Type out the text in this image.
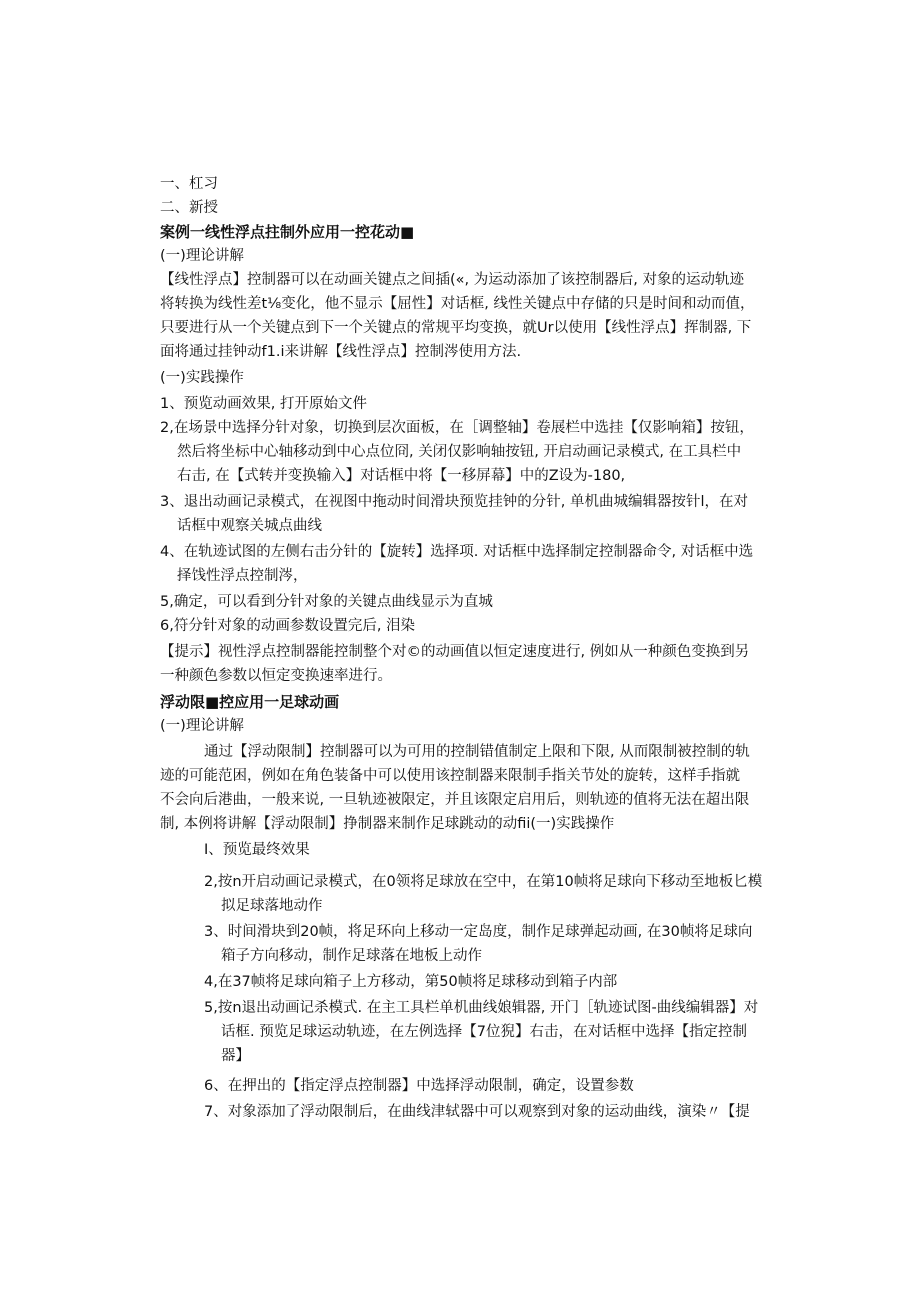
一、杠习
二、新授
案例一线性浮点拄制外应用一控花动■
(一)理论讲解
【线性浮点】控制器可以在动画关键点之间插(«, 为运动添加了该控制器后, 对象的运动轨迹
将转换为线性差t⅛变化，他不显示【屈性】对话框, 线性关键点中存储的只是时间和动而值，
只要进行从一个关键点到下一个关键点的常规平均变换，就Ur以使用【线性浮点】挥制器, 下
面将通过挂钟动f1.i来讲解【线性浮点】控制涔使用方法.
(一)实践操作
1、预览动画效果, 打开原始文件
2,在场景中选择分针对象，切换到层次面板，在［调整轴】卷展栏中选挂【仅影响箱】按钮，
然后将坐标中心轴移动到中心点位冏, 关闭仅影响轴按钮, 开启动画记录模式, 在工具栏中
右击, 在【式转并变换输入】对话框中将【一移屏幕】中的Z设为-180,
3、退出动画记录模式，在视图中拖动时间滑块预览挂钟的分针, 单机曲城编辑器按针l，在对
话框中观察关城点曲线
4、在轨迹试图的左侧右击分针的【旋转】选择项. 对话框中选择制定控制器命令, 对话框中选
择饯性浮点控制涔，
5,确定，可以看到分针对象的关键点曲线显示为直城
6,符分针对象的动画参数设置完后, 泪染
【提示】视性浮点控制器能控制整个对©的动画值以恒定速度进行, 例如从一种颜色变换到另
一种颜色参数以恒定变换速率进行。
浮动限■控应用一足球动画
(一)理论讲解
通过【浮动限制】控制器可以为可用的控制错值制定上限和下限, 从而限制被控制的轨
迹的可能范困，例如在角色装备中可以使用该控制器来限制手指关节处的旋转，这样手指就
不会向后港曲，一般来说, 一旦轨迹被限定，并且该限定启用后，则轨迹的值将无法在超出限
制, 本例将讲解【浮动限制】挣制器来制作足球跳动的动fii(一)实践操作
I、预览最终效果
2,按n开启动画记录模式，在0领将足球放在空中，在第10帧将足球向下移动至地板匕模
拟足球落地动作
3、时间滑块到20帧，将足环向上移动一定岛度，制作足球弹起动画, 在30帧将足球向
箱子方向移动，制作足球落在地板上动作
4,在37帧将足球向箱子上方移动，第50帧将足球移动到箱子内部
5,按n退出动画记杀模式. 在主工具栏单机曲线娘辑器, 开门［轨迹试图-曲线编辑器】对
话框. 预览足球运动轨迹，在左例选择【7位猊】右击，在对话框中选择【指定控制
器】
6、在押出的【指定浮点控制器】中选择浮动限制，确定，设置参数
7、对象添加了浮动限制后，在曲线津轼器中可以观察到对象的运动曲线，演染〃【提
